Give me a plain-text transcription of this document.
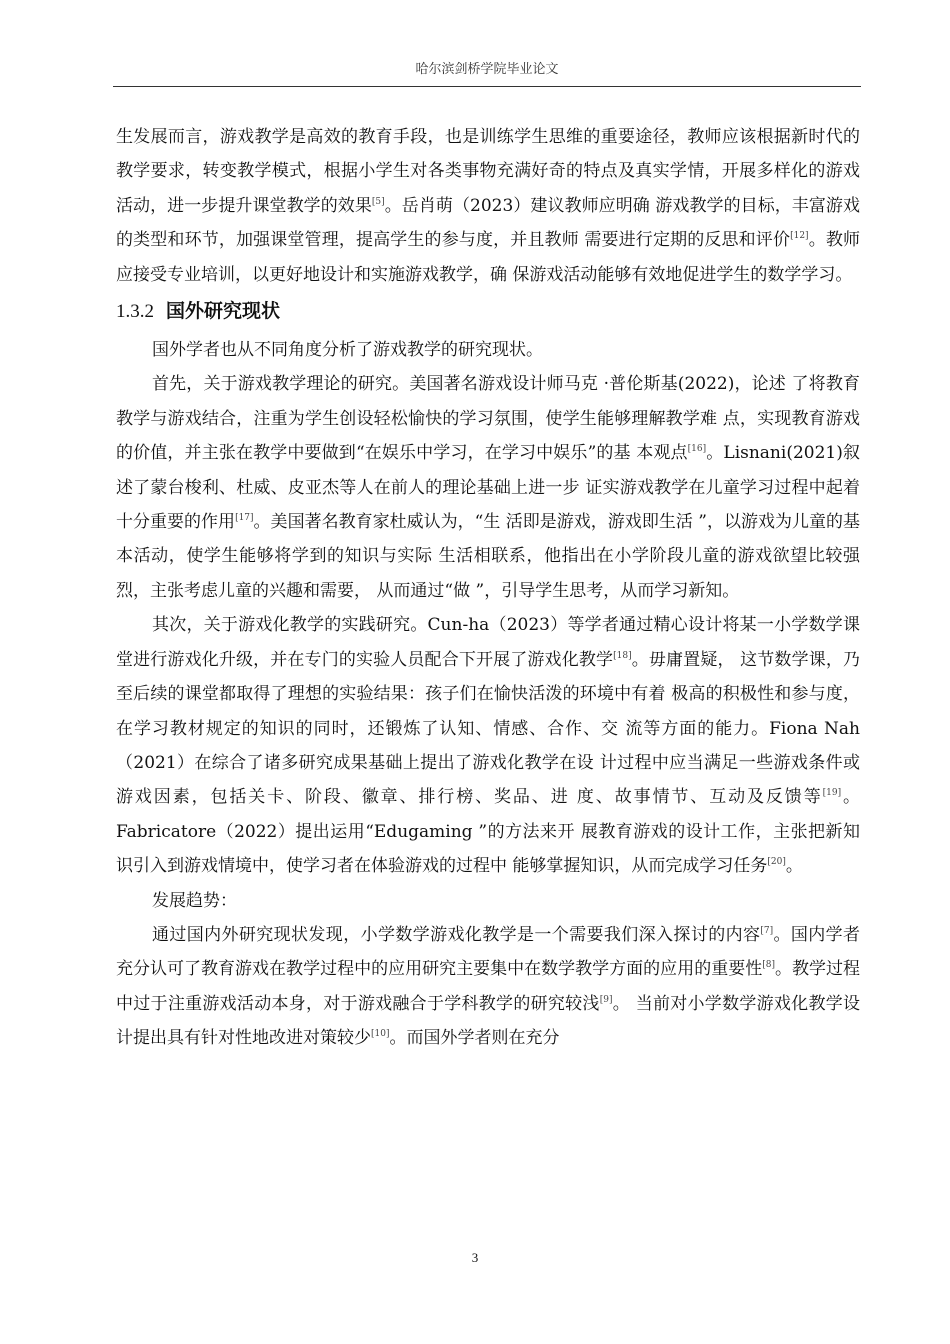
哈尔滨剑桥学院毕业论文

生发展而言，游戏教学是高效的教育手段，也是训练学生思维的重要途径，教师应该根据新时代的教学要求，转变教学模式，根据小学生对各类事物充满好奇的特点及真实学情，开展多样化的游戏活动，进一步提升课堂教学的效果[5]。岳肖萌（2023）建议教师应明确 游戏教学的目标，丰富游戏的类型和环节，加强课堂管理，提高学生的参与度，并且教师 需要进行定期的反思和评价[12]。教师应接受专业培训，以更好地设计和实施游戏教学，确 保游戏活动能够有效地促进学生的数学学习。

1.3.2 国外研究现状

国外学者也从不同角度分析了游戏教学的研究现状。

首先，关于游戏教学理论的研究。美国著名游戏设计师马克 ·普伦斯基(2022)，论述 了将教育教学与游戏结合，注重为学生创设轻松愉快的学习氛围，使学生能够理解教学难 点，实现教育游戏的价值，并主张在教学中要做到“在娱乐中学习，在学习中娱乐”的基 本观点[16]。Lisnani(2021)叙述了蒙台梭利、杜威、皮亚杰等人在前人的理论基础上进一步 证实游戏教学在儿童学习过程中起着十分重要的作用[17]。美国著名教育家杜威认为，“生 活即是游戏，游戏即生活 ”，以游戏为儿童的基本活动，使学生能够将学到的知识与实际 生活相联系，他指出在小学阶段儿童的游戏欲望比较强烈，主张考虑儿童的兴趣和需要， 从而通过“做 ”，引导学生思考，从而学习新知。

其次，关于游戏化教学的实践研究。Cun-ha（2023）等学者通过精心设计将某一小学数学课堂进行游戏化升级，并在专门的实验人员配合下开展了游戏化教学[18]。毋庸置疑， 这节数学课，乃至后续的课堂都取得了理想的实验结果：孩子们在愉快活泼的环境中有着 极高的积极性和参与度，在学习教材规定的知识的同时，还锻炼了认知、情感、合作、交 流等方面的能力。Fiona Nah（2021）在综合了诸多研究成果基础上提出了游戏化教学在设 计过程中应当满足一些游戏条件或游戏因素，包括关卡、阶段、徽章、排行榜、奖品、进 度、故事情节、互动及反馈等[19]。Fabricatore（2022）提出运用“Edugaming ”的方法来开 展教育游戏的设计工作，主张把新知识引入到游戏情境中，使学习者在体验游戏的过程中 能够掌握知识，从而完成学习任务[20]。

发展趋势：

通过国内外研究现状发现，小学数学游戏化教学是一个需要我们深入探讨的内容[7]。国内学者充分认可了教育游戏在教学过程中的应用研究主要集中在数学教学方面的应用的重要性[8]。教学过程中过于注重游戏活动本身，对于游戏融合于学科教学的研究较浅[9]。 当前对小学数学游戏化教学设计提出具有针对性地改进对策较少[10]。而国外学者则在充分

3
